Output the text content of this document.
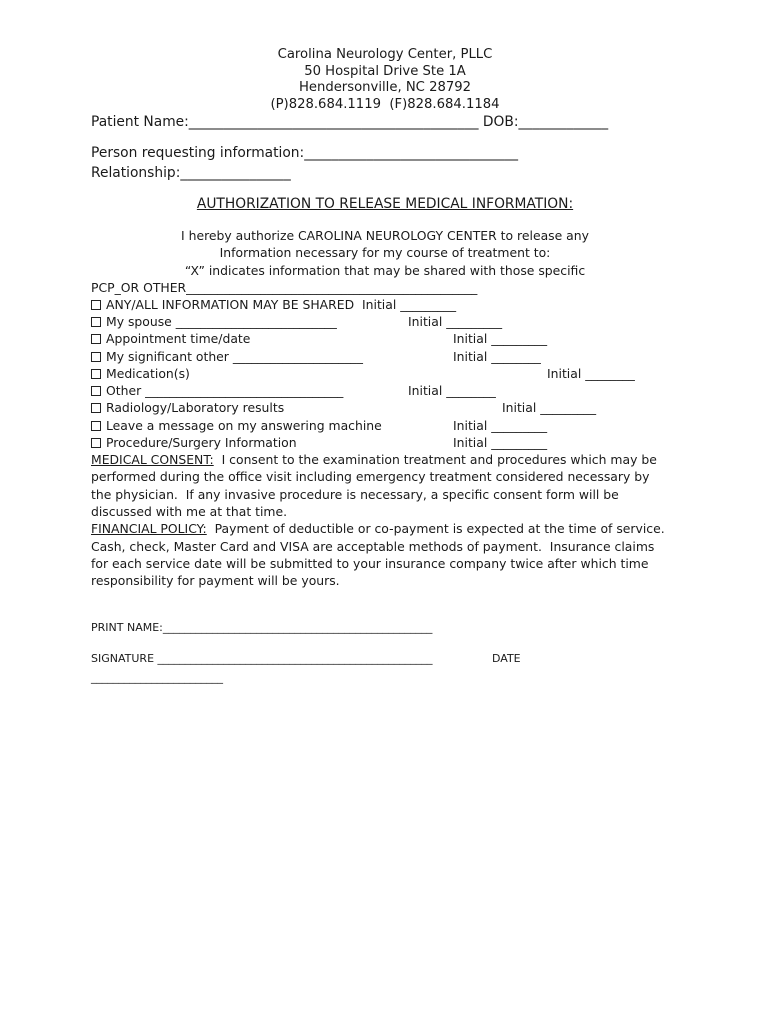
Carolina Neurology Center, PLLC
50 Hospital Drive Ste 1A
Hendersonville, NC 28792
(P)828.684.1119  (F)828.684.1184
Patient Name:__________________________________________ DOB:_____________
Person requesting information:_______________________________
Relationship:________________
AUTHORIZATION TO RELEASE MEDICAL INFORMATION:
I hereby authorize CAROLINA NEUROLOGY CENTER to release any
Information necessary for my course of treatment to:
“X” indicates information that may be shared with those specific
PCP_OR OTHER_______________________________________________
ANY/ALL INFORMATION MAY BE SHARED Initial _________
My spouse __________________________	Initial _________
Appointment time/date	Initial _________
My significant other _____________________	Initial ________
Medication(s)	Initial ________
Other ________________________________	Initial ________
Radiology/Laboratory results	Initial _________
Leave a message on my answering machine	Initial _________
Procedure/Surgery Information	Initial _________
MEDICAL CONSENT:  I consent to the examination treatment and procedures which may be
performed during the office visit including emergency treatment considered necessary by
the physician.  If any invasive procedure is necessary, a specific consent form will be
discussed with me at that time.
FINANCIAL POLICY:  Payment of deductible or co-payment is expected at the time of service.
Cash, check, Master Card and VISA are acceptable methods of payment.  Insurance claims
for each service date will be submitted to your insurance company twice after which time
responsibility for payment will be yours.
PRINT NAME:_________________________________________________
SIGNATURE __________________________________________________	DATE
________________________
